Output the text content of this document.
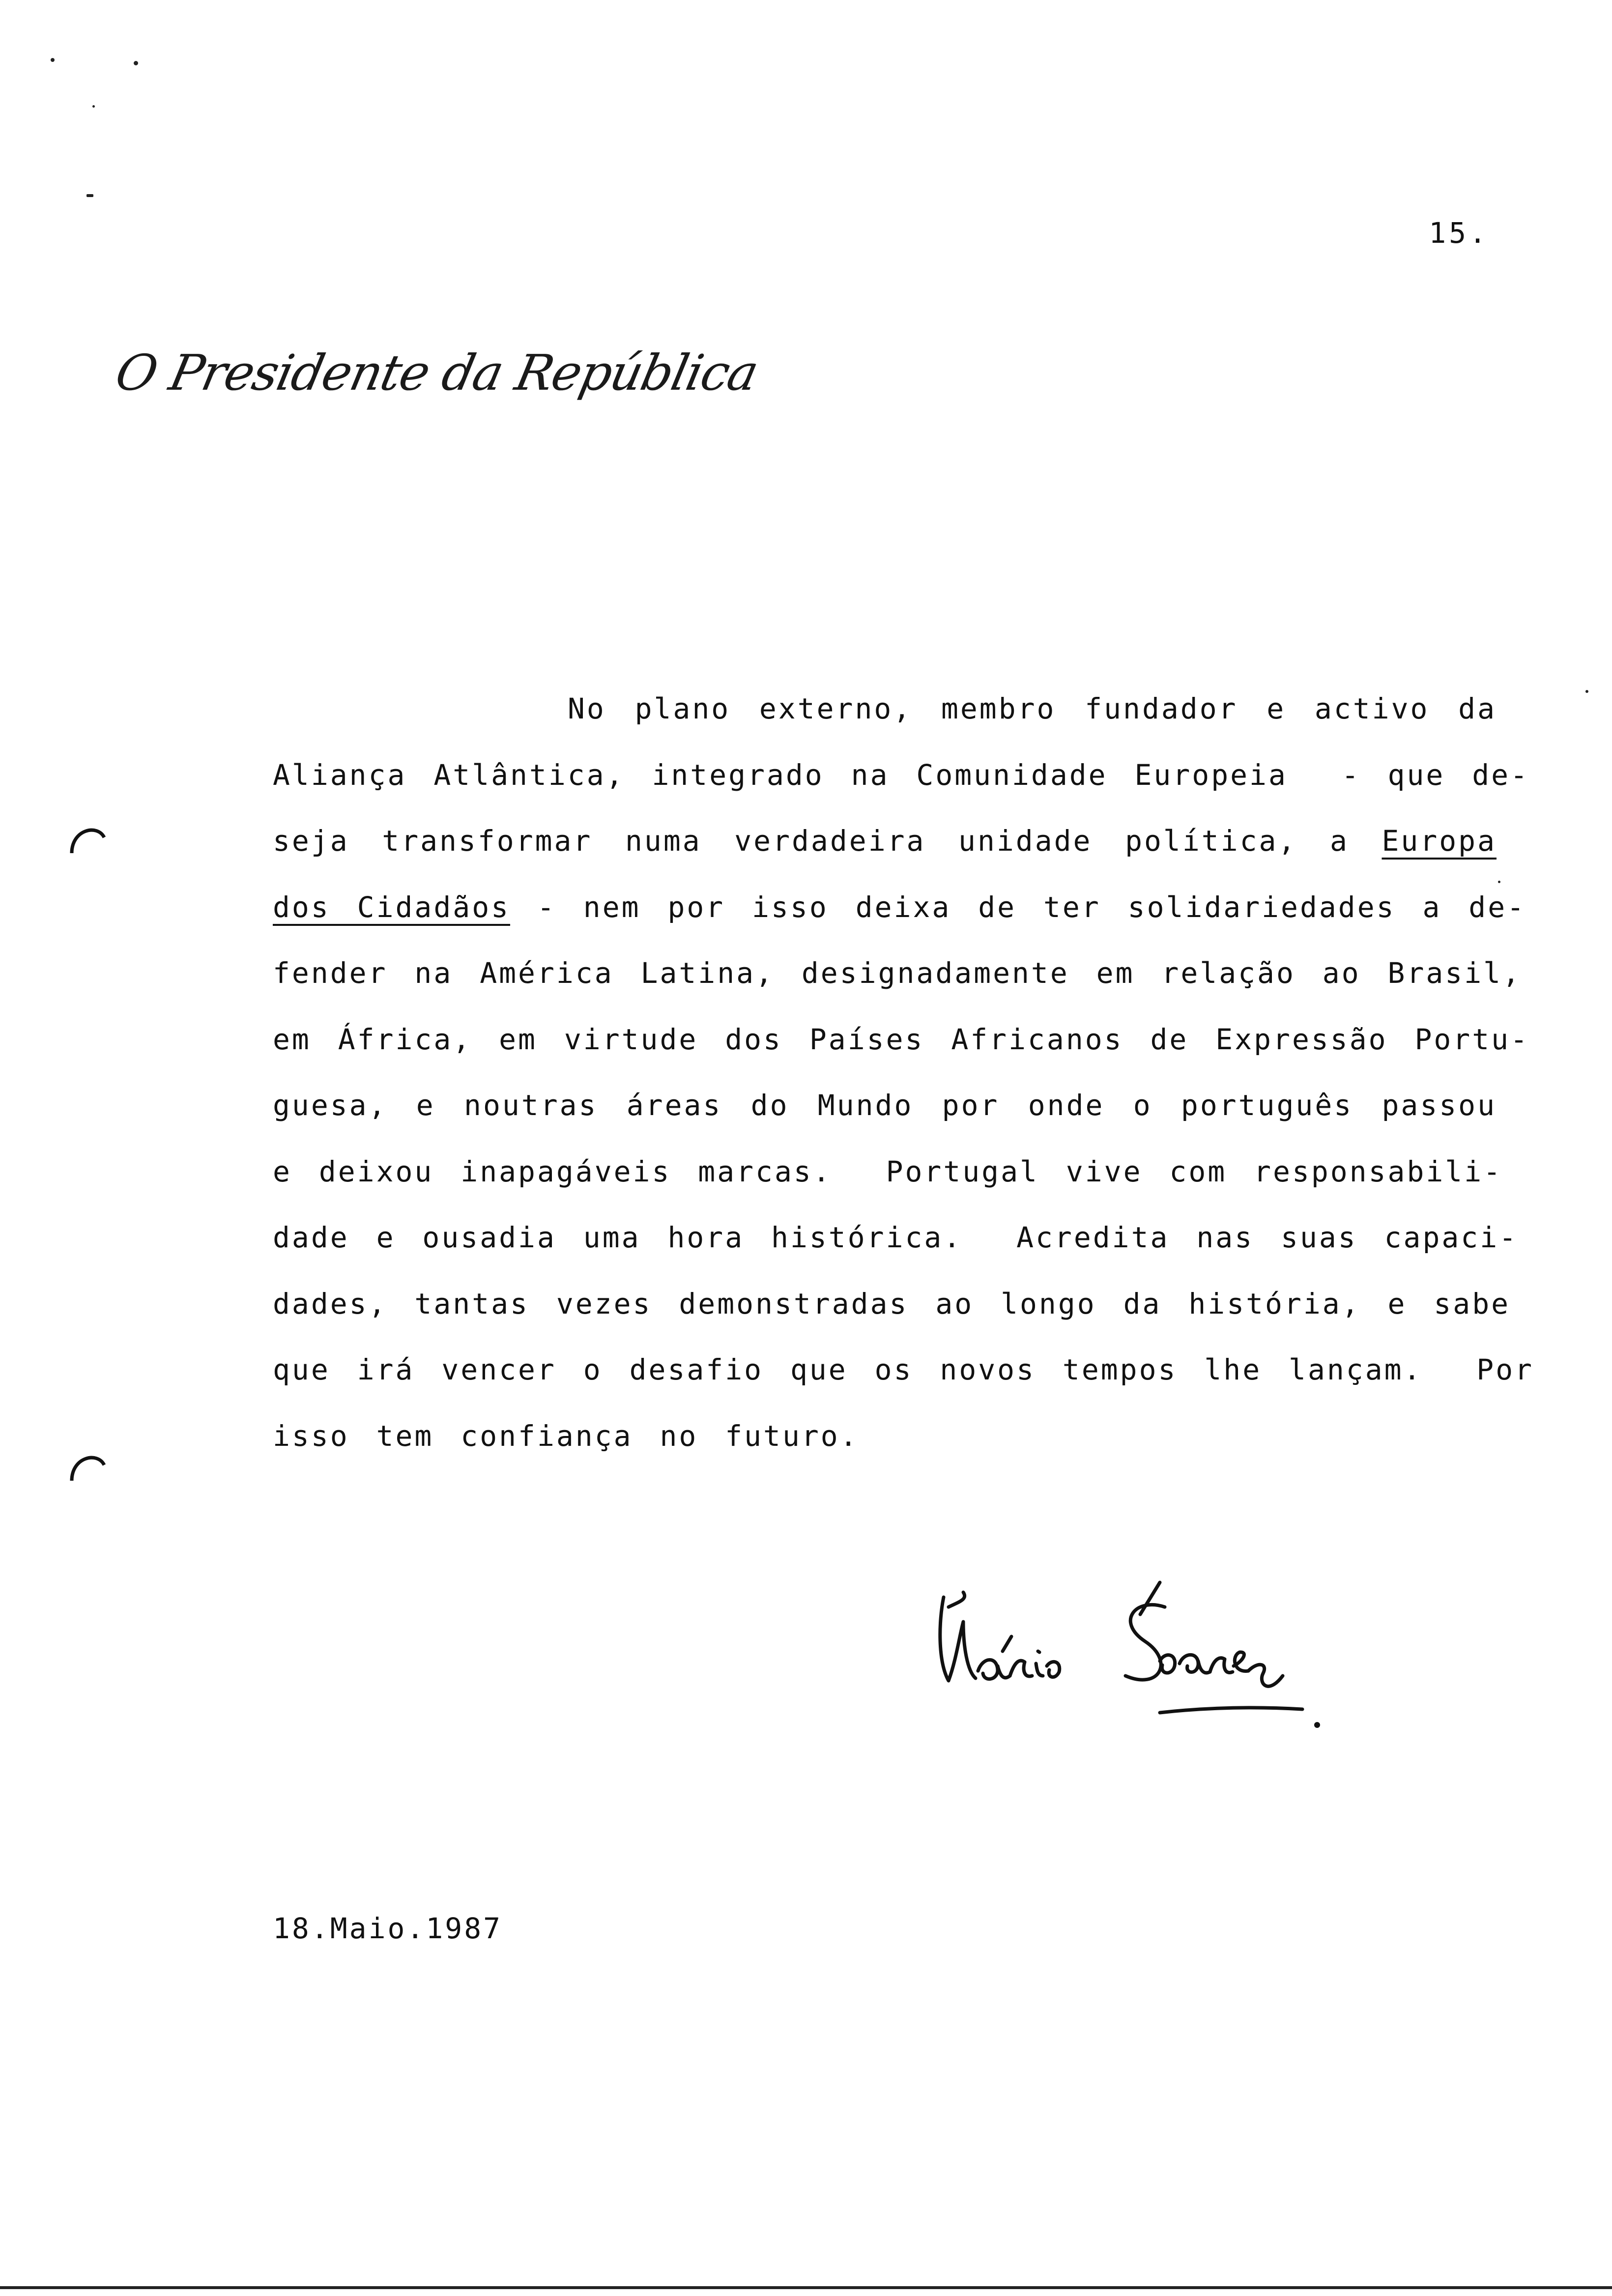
15.
O Presidente da República
No plano externo, membro fundador e activo da
Aliança Atlântica, integrado na Comunidade Europeia  - que de-
seja transformar numa verdadeira unidade política, a Europa
dos Cidadãos - nem por isso deixa de ter solidariedades a de-
fender na América Latina, designadamente em relação ao Brasil,
em África, em virtude dos Países Africanos de Expressão Portu-
guesa, e noutras áreas do Mundo por onde o português passou
e deixou inapagáveis marcas.  Portugal vive com responsabili-
dade e ousadia uma hora histórica.  Acredita nas suas capaci-
dades, tantas vezes demonstradas ao longo da história, e sabe
que irá vencer o desafio que os novos tempos lhe lançam.  Por
isso tem confiança no futuro.
18.Maio.1987
